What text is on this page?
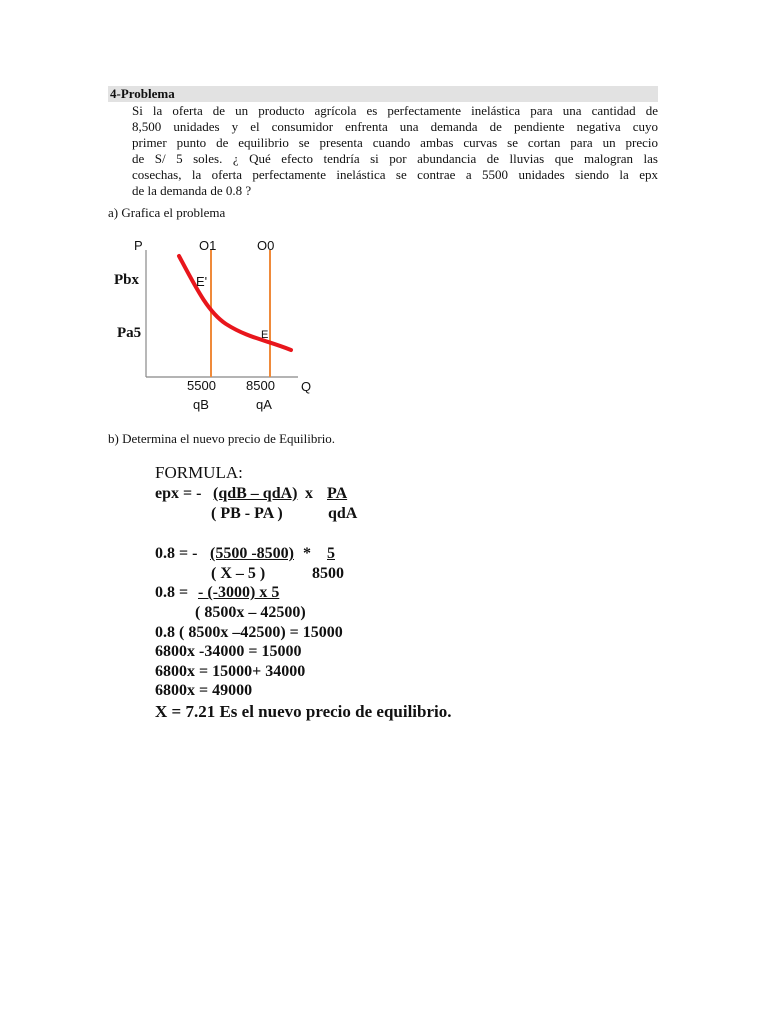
4-Problema
Si la oferta de un producto agrícola es perfectamente inelástica para una cantidad de
8,500 unidades y el consumidor enfrenta una demanda de pendiente negativa cuyo
primer punto de equilibrio se presenta cuando ambas curvas se cortan para un precio
de S/ 5 soles. ¿ Qué efecto tendría si por abundancia de lluvias que malogran las
cosechas, la oferta perfectamente inelástica se contrae a 5500 unidades siendo la epx
de la demanda de 0.8 ?
a) Grafica el problema
P	O1	O0
Pbx	E'
Pa5	E
5500 8500 Q
qB	qA
b) Determina el nuevo precio de Equilibrio.
FORMULA:
epx = - (qdB – qdA) x PA
( PB - PA )	qdA
0.8 = - (5500 -8500) * 5
( X – 5 )	8500
0.8 = - (-3000) x 5
( 8500x – 42500)
0.8 ( 8500x –42500) = 15000
6800x -34000 = 15000
6800x = 15000+ 34000
6800x = 49000
X = 7.21 Es el nuevo precio de equilibrio.
